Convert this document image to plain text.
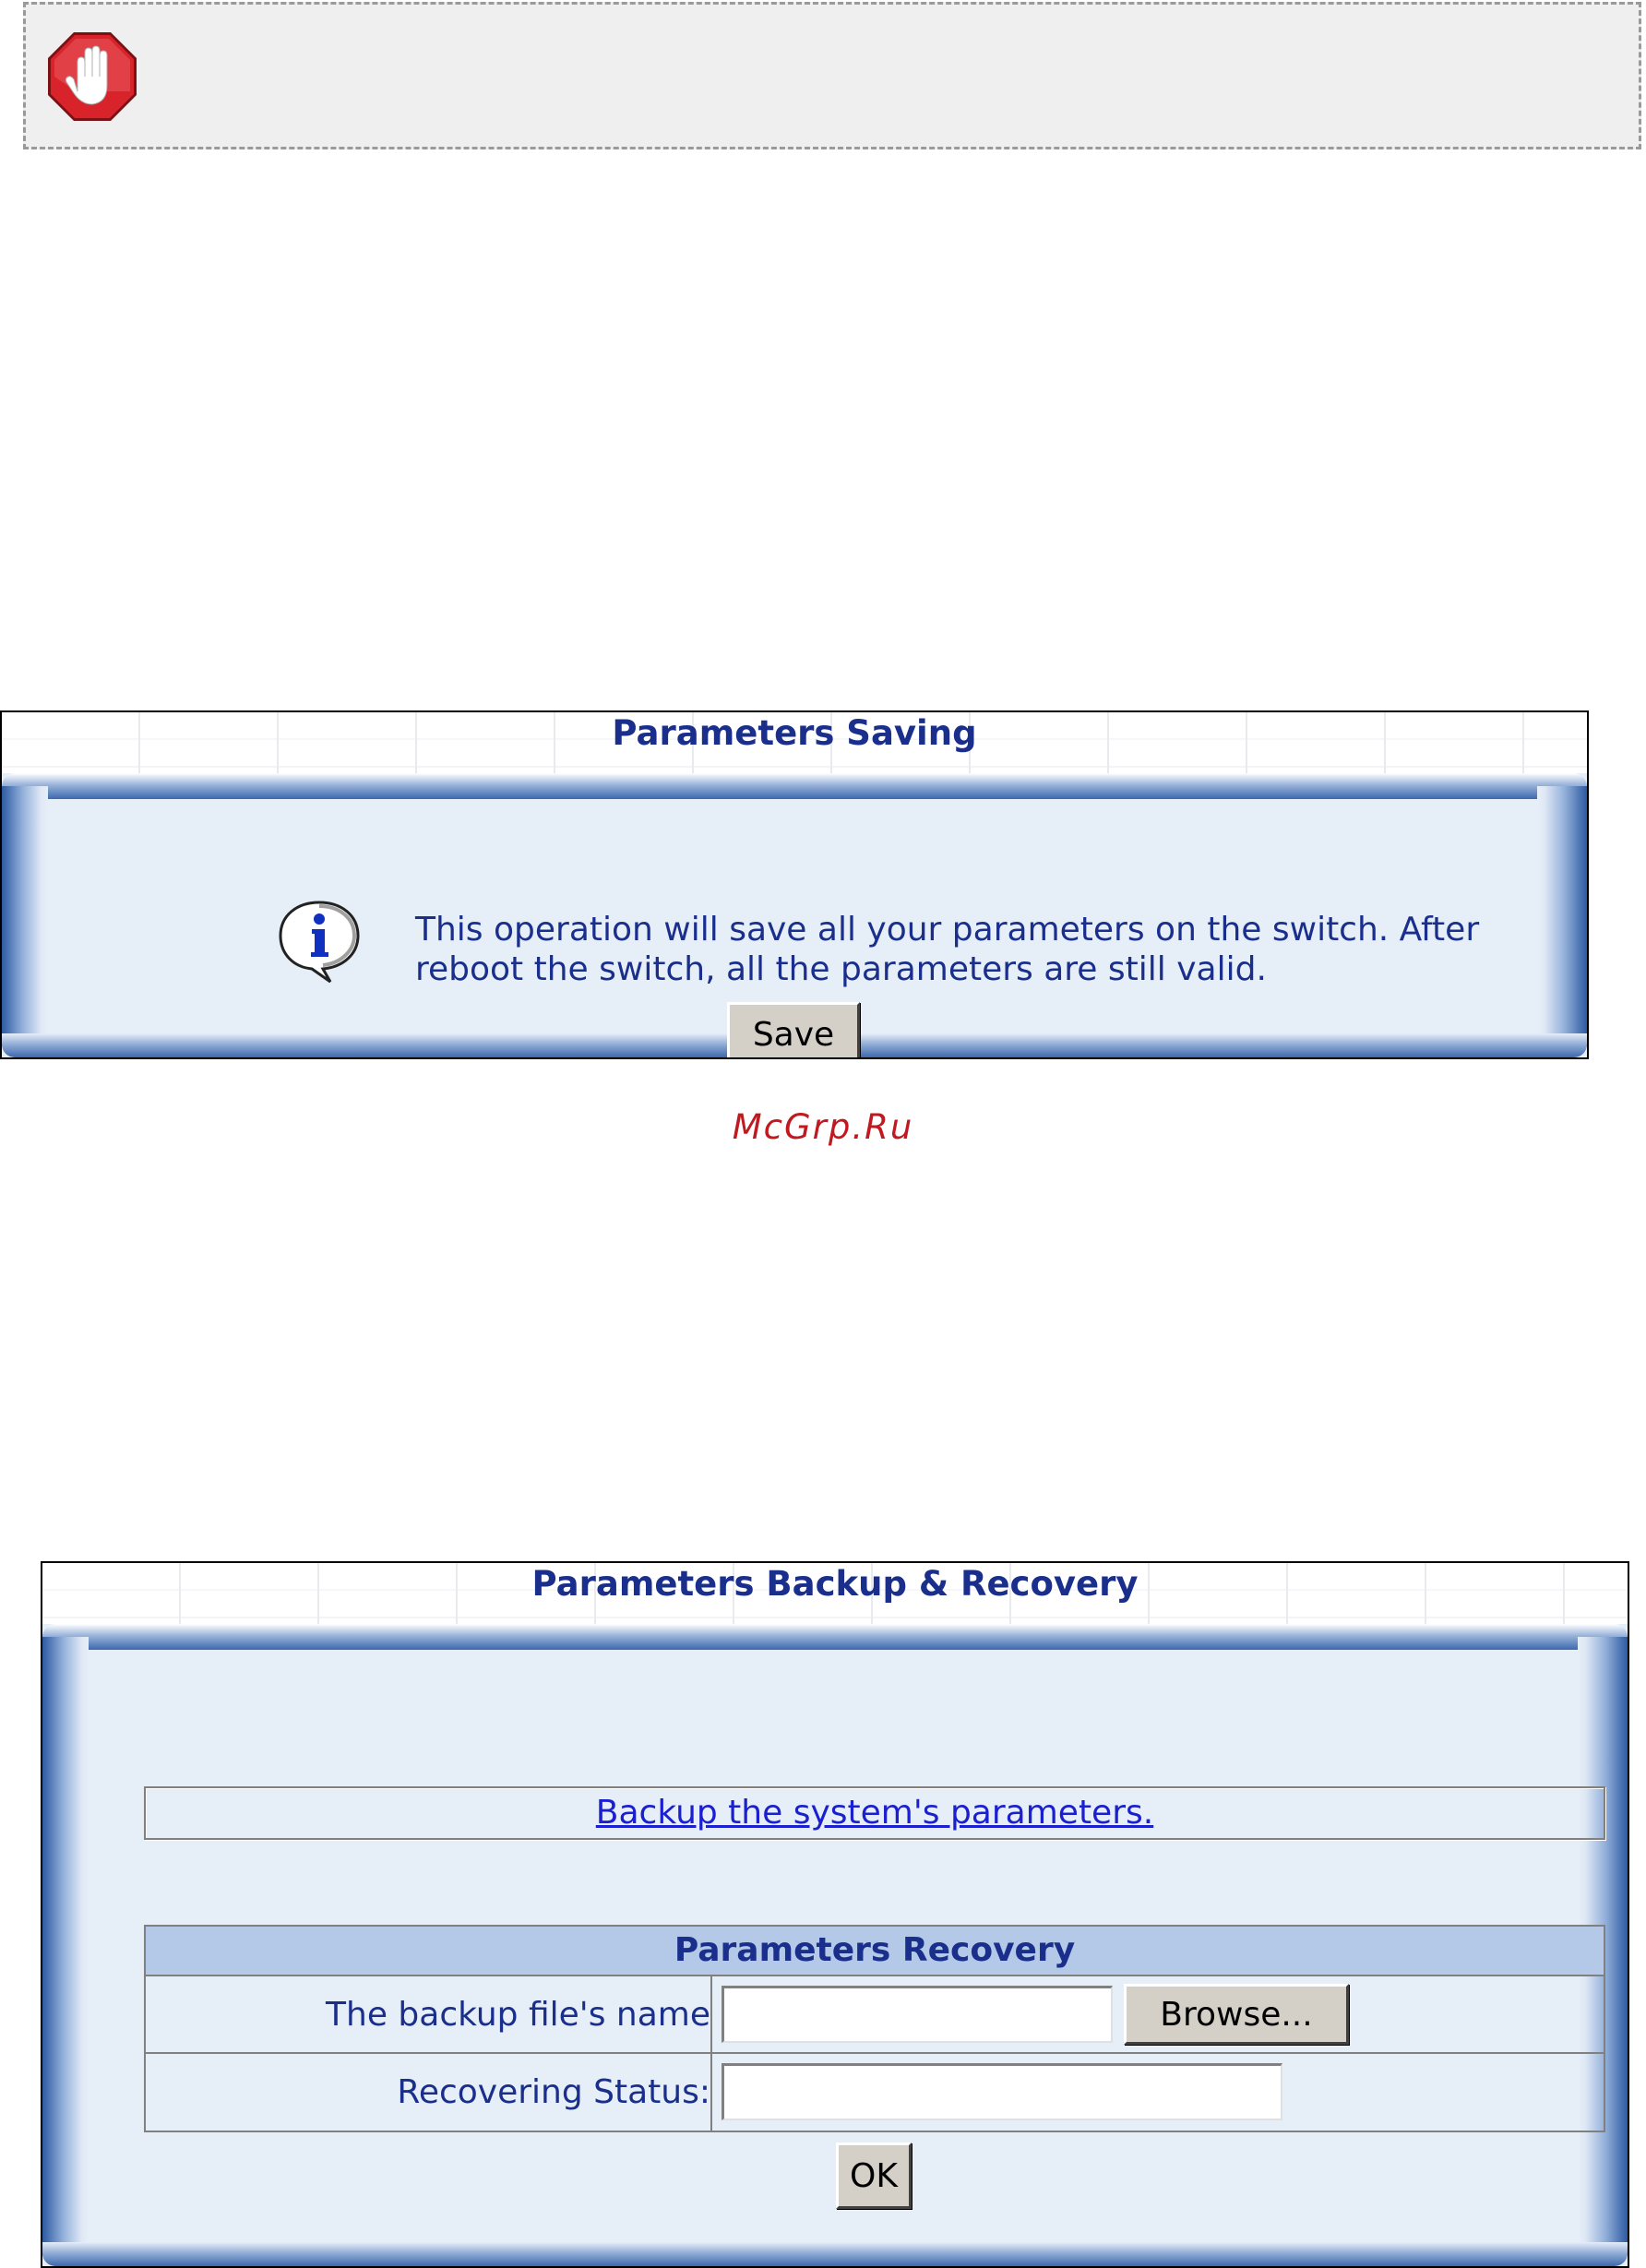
Parameters Saving
This operation will save all your parameters on the switch. After reboot the switch, all the parameters are still valid.
Save
McGrp.Ru
Parameters Backup & Recovery
Backup the system's parameters.
Parameters Recovery
The backup file's name	Browse...
Recovering Status:
OK
